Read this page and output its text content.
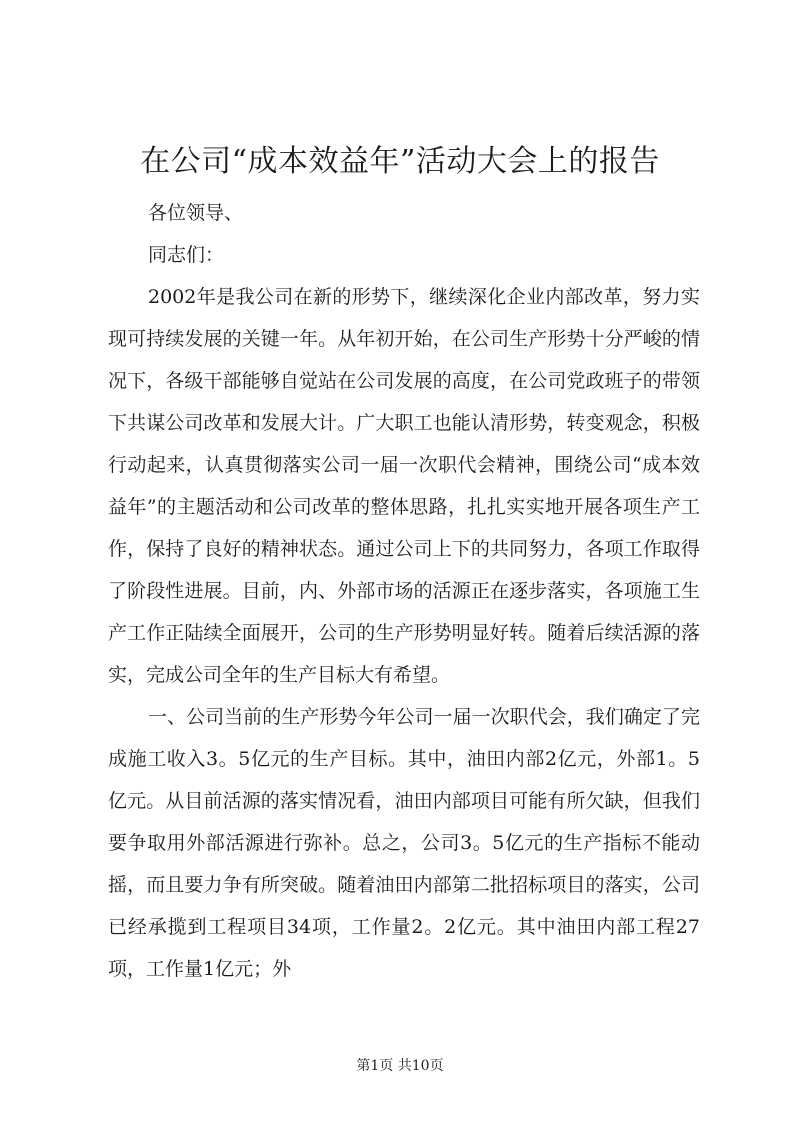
在公司“成本效益年”活动大会上的报告

各位领导、

同志们：

2002年是我公司在新的形势下，继续深化企业内部改革，努力实现可持续发展的关键一年。从年初开始，在公司生产形势十分严峻的情况下，各级干部能够自觉站在公司发展的高度，在公司党政班子的带领下共谋公司改革和发展大计。广大职工也能认清形势，转变观念，积极行动起来，认真贯彻落实公司一届一次职代会精神，围绕公司“成本效益年”的主题活动和公司改革的整体思路，扎扎实实地开展各项生产工作，保持了良好的精神状态。通过公司上下的共同努力，各项工作取得了阶段性进展。目前，内、外部市场的活源正在逐步落实，各项施工生产工作正陆续全面展开，公司的生产形势明显好转。随着后续活源的落实，完成公司全年的生产目标大有希望。

一、公司当前的生产形势今年公司一届一次职代会，我们确定了完成施工收入3。5亿元的生产目标。其中，油田内部2亿元，外部1。5亿元。从目前活源的落实情况看，油田内部项目可能有所欠缺，但我们要争取用外部活源进行弥补。总之，公司3。5亿元的生产指标不能动摇，而且要力争有所突破。随着油田内部第二批招标项目的落实，公司已经承揽到工程项目34项，工作量2。2亿元。其中油田内部工程27项，工作量1亿元；外

第1页 共10页
